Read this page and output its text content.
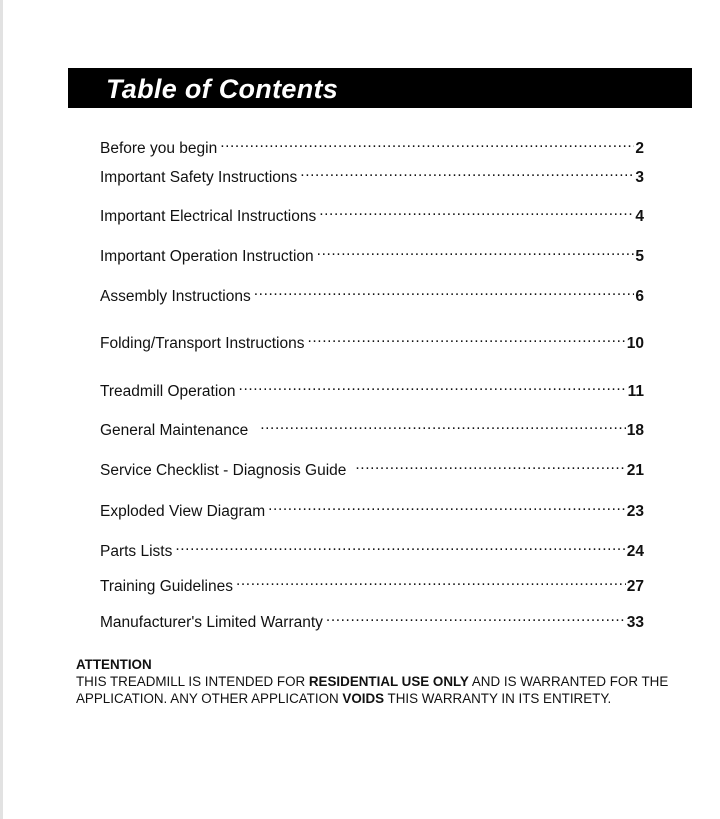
Table of Contents
Before you begin .....	2
Important Safety Instructions .....	3
Important Electrical Instructions .....	4
Important Operation Instruction .....	5
Assembly Instructions .....	6
Folding/Transport Instructions .....	10
Treadmill Operation .....	11
General Maintenance .....	18
Service Checklist - Diagnosis Guide .....	21
Exploded View Diagram .....	23
Parts Lists .....	24
Training Guidelines .....	27
Manufacturer's Limited Warranty .....	33
ATTENTION
THIS TREADMILL IS INTENDED FOR RESIDENTIAL USE ONLY AND IS WARRANTED FOR THE APPLICATION. ANY OTHER APPLICATION VOIDS THIS WARRANTY IN ITS ENTIRETY.
